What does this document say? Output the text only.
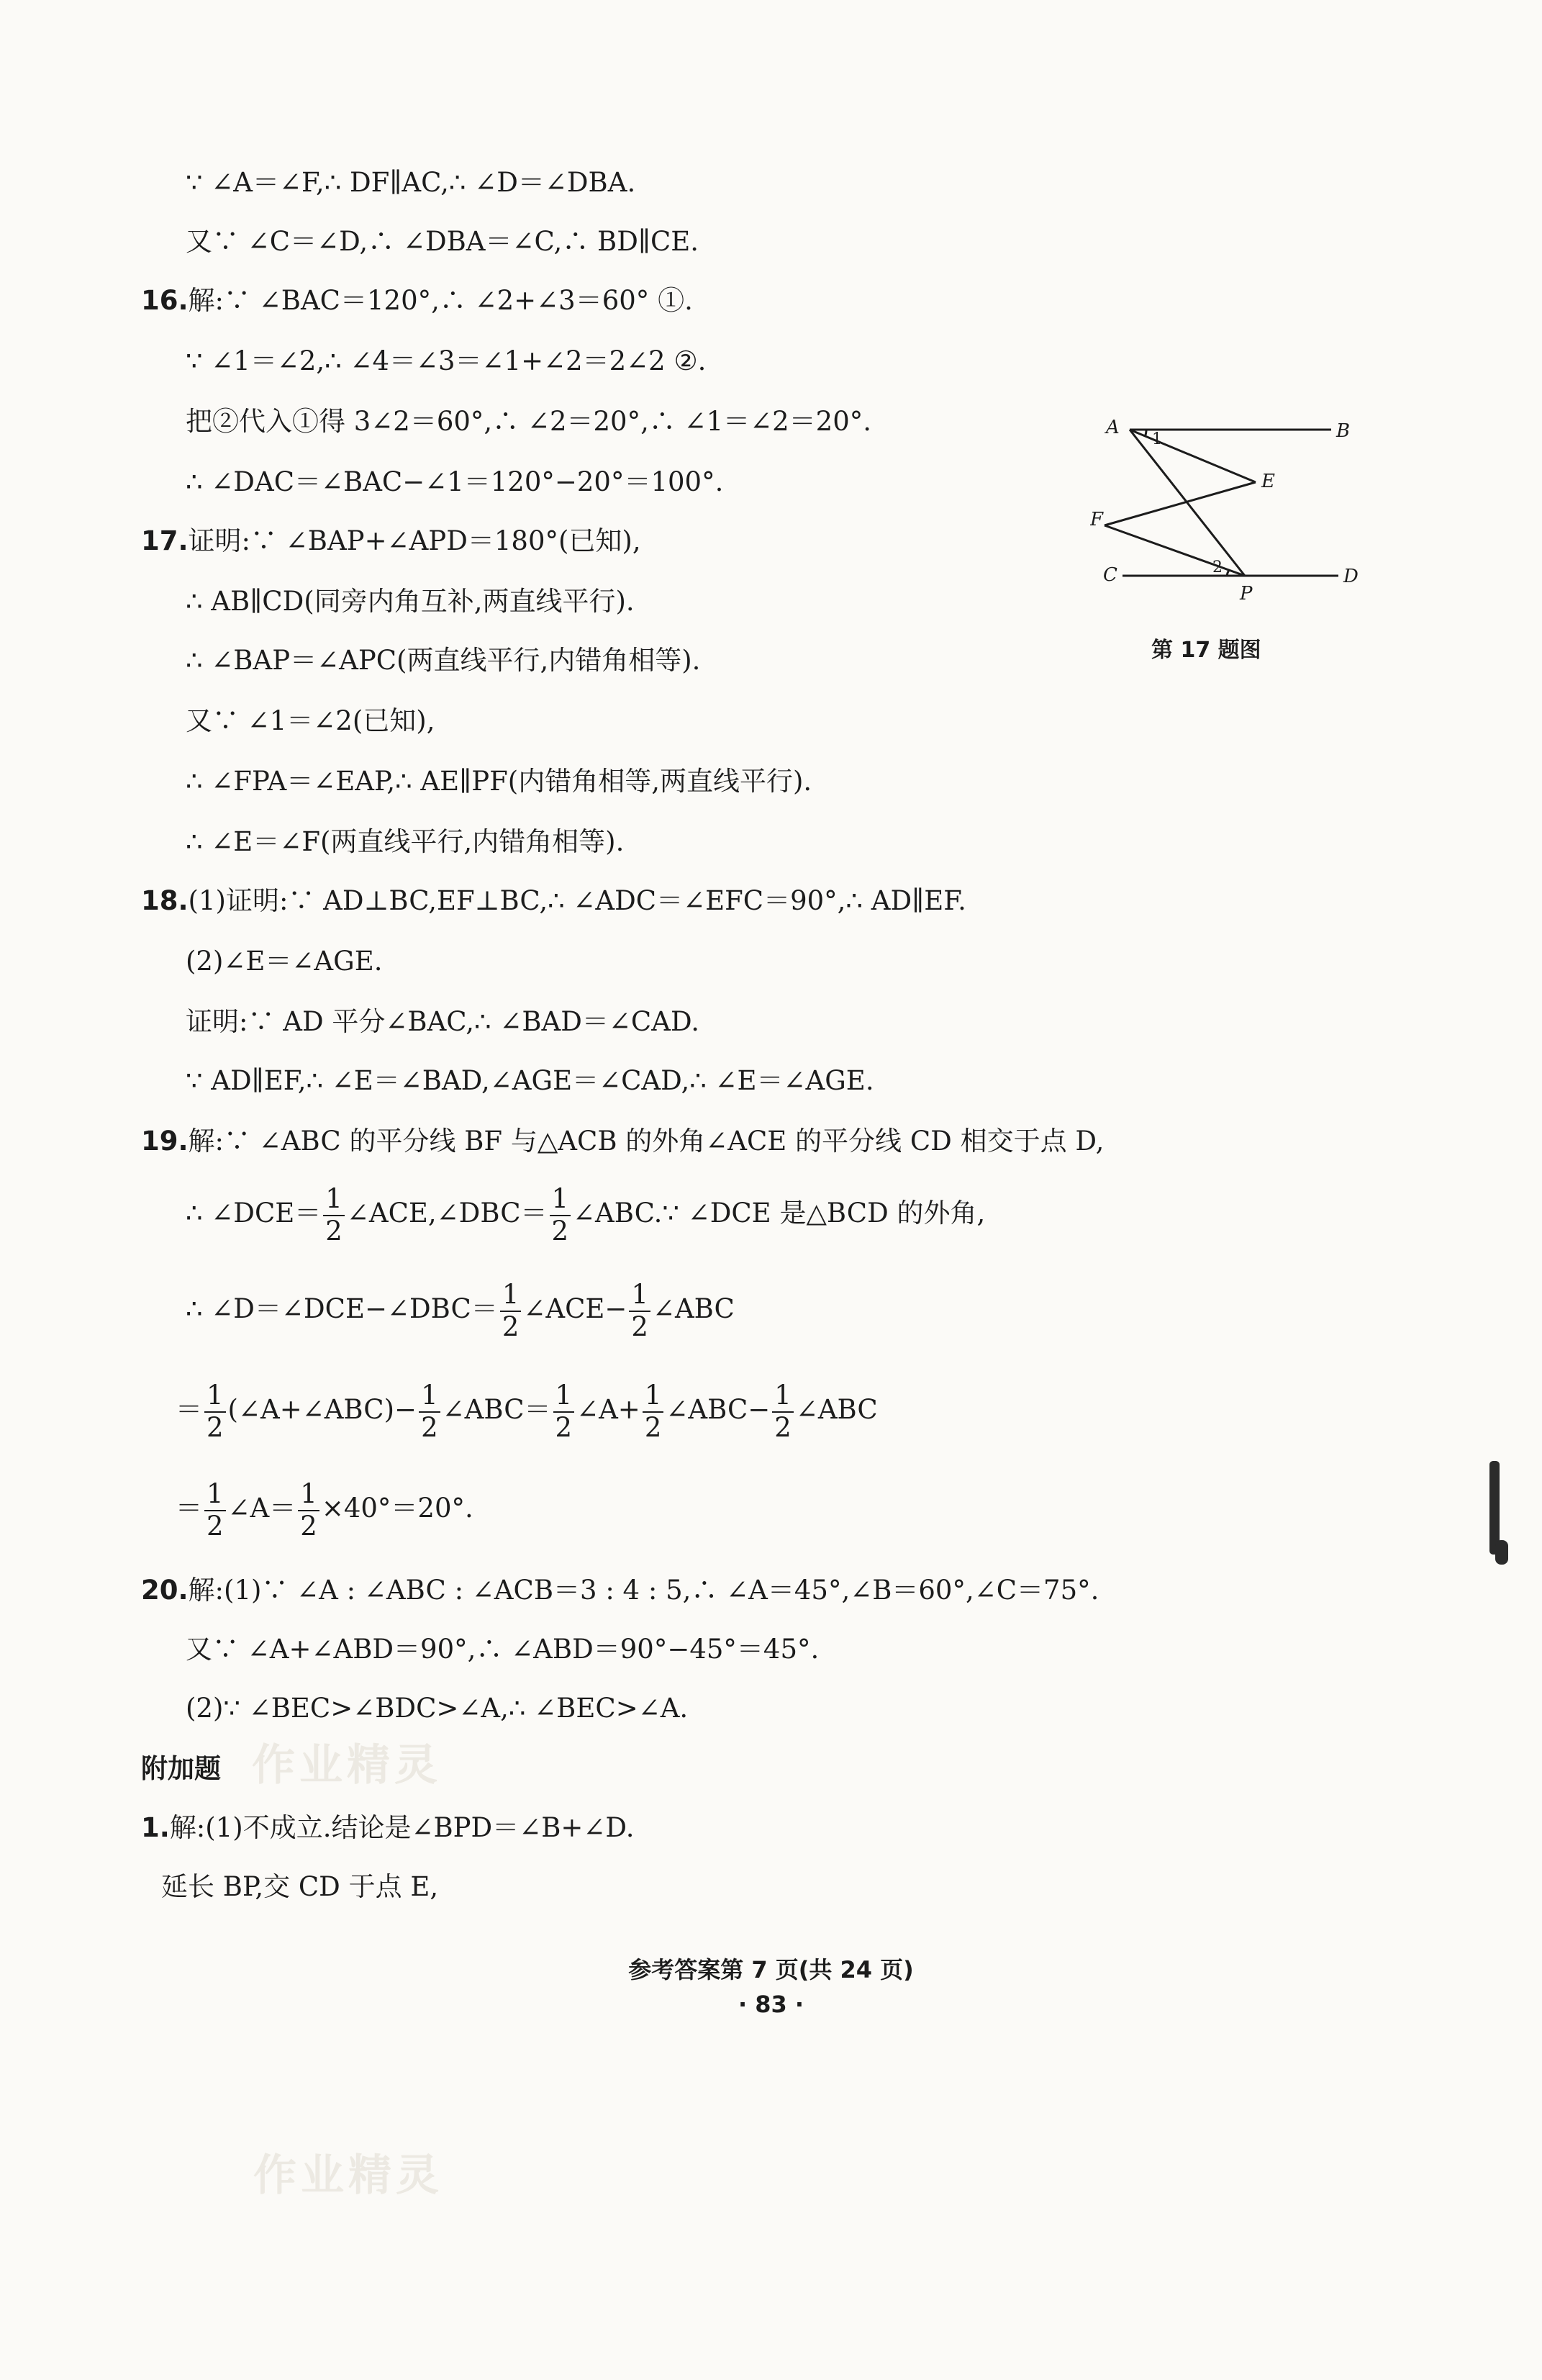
作业精灵
作业精灵
∵ ∠A＝∠F,∴ DF∥AC,∴ ∠D＝∠DBA.
又∵ ∠C＝∠D,∴ ∠DBA＝∠C,∴ BD∥CE.
16.解:∵ ∠BAC＝120°,∴ ∠2+∠3＝60° ①.
∵ ∠1＝∠2,∴ ∠4＝∠3＝∠1+∠2＝2∠2 ②.
把②代入①得 3∠2＝60°,∴ ∠2＝20°,∴ ∠1＝∠2＝20°.
∴ ∠DAC＝∠BAC−∠1＝120°−20°＝100°.
17.证明:∵ ∠BAP+∠APD＝180°(已知),
∴ AB∥CD(同旁内角互补,两直线平行).
∴ ∠BAP＝∠APC(两直线平行,内错角相等).
又∵ ∠1＝∠2(已知),
∴ ∠FPA＝∠EAP,∴ AE∥PF(内错角相等,两直线平行).
∴ ∠E＝∠F(两直线平行,内错角相等).
18.(1)证明:∵ AD⊥BC,EF⊥BC,∴ ∠ADC＝∠EFC＝90°,∴ AD∥EF.
(2)∠E＝∠AGE.
证明:∵ AD 平分∠BAC,∴ ∠BAD＝∠CAD.
∵ AD∥EF,∴ ∠E＝∠BAD,∠AGE＝∠CAD,∴ ∠E＝∠AGE.
19.解:∵ ∠ABC 的平分线 BF 与△ACB 的外角∠ACE 的平分线 CD 相交于点 D,
∴ ∠DCE＝ $\frac{1}{2}$ ∠ACE,∠DBC＝ $\frac{1}{2}$ ∠ABC.∵ ∠DCE 是△BCD 的外角,
∴ ∠D＝∠DCE−∠DBC＝ $\frac{1}{2}$ ∠ACE− $\frac{1}{2}$ ∠ABC
＝ $\frac{1}{2}$ (∠A+∠ABC)− $\frac{1}{2}$ ∠ABC＝ $\frac{1}{2}$ ∠A+ $\frac{1}{2}$ ∠ABC− $\frac{1}{2}$ ∠ABC
＝ $\frac{1}{2}$ ∠A＝ $\frac{1}{2} \times 40^\circ=20^\circ$.
20.解:(1)∵ ∠A : ∠ABC : ∠ACB＝3 : 4 : 5,∴ ∠A＝45°,∠B＝60°,∠C＝75°.
又∵ ∠A+∠ABD＝90°,∴ ∠ABD＝90°−45°＝45°.
(2)∵ ∠BEC>∠BDC>∠A,∴ ∠BEC>∠A.
附加题
1.解:(1)不成立.结论是∠BPD＝∠B+∠D.
延长 BP,交 CD 于点 E,
A	B
E
F
C	D
P
1
2
第 17 题图
参考答案第 7 页(共 24 页)
· 83 ·
